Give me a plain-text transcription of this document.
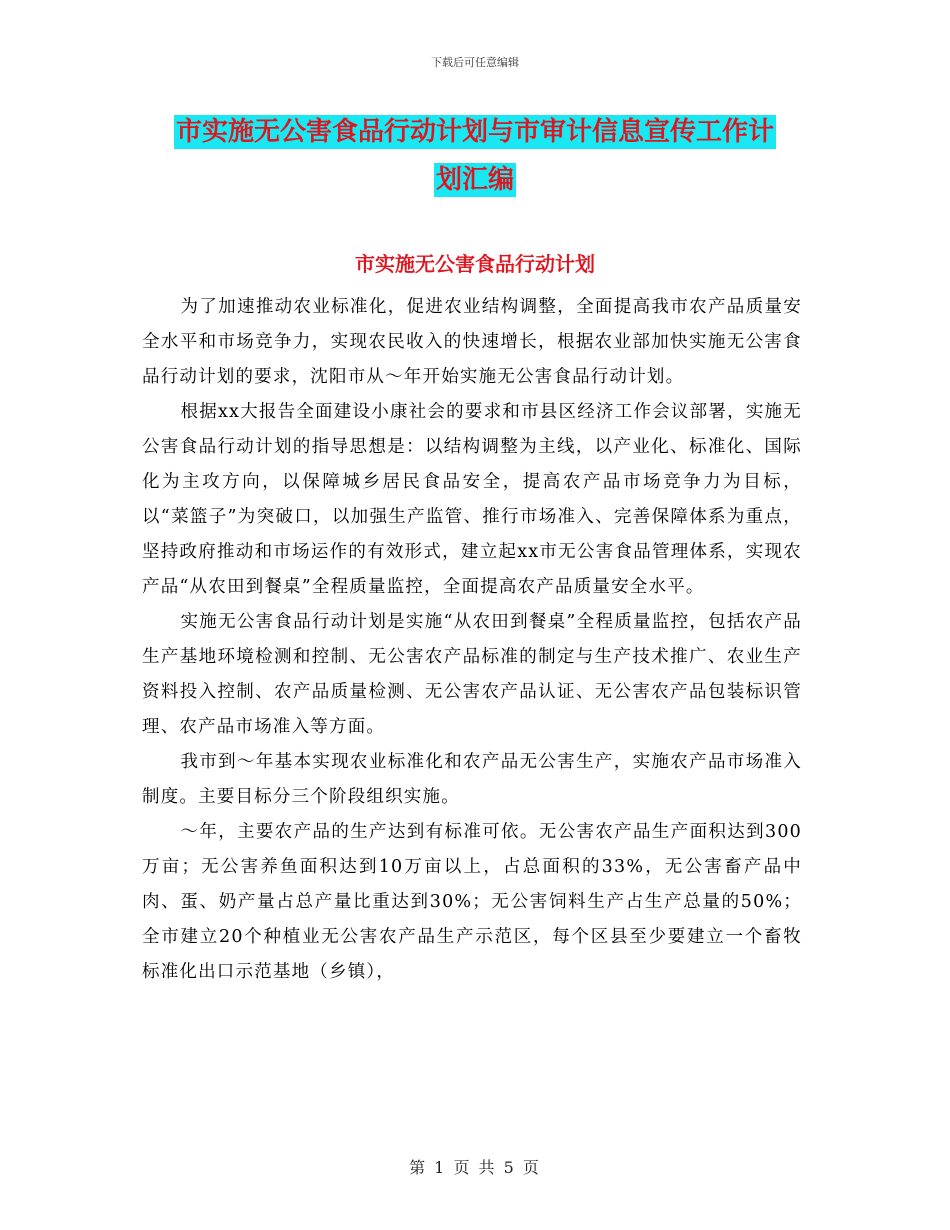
下载后可任意编辑
市实施无公害食品行动计划与市审计信息宣传工作计
划汇编
市实施无公害食品行动计划

为了加速推动农业标准化，促进农业结构调整，全面提高我市农产品质量安全水平和市场竞争力，实现农民收入的快速增长，根据农业部加快实施无公害食品行动计划的要求，沈阳市从～年开始实施无公害食品行动计划。

根据xx大报告全面建设小康社会的要求和市县区经济工作会议部署，实施无公害食品行动计划的指导思想是：以结构调整为主线，以产业化、标准化、国际化为主攻方向，以保障城乡居民食品安全，提高农产品市场竞争力为目标，以“菜篮子”为突破口，以加强生产监管、推行市场准入、完善保障体系为重点，坚持政府推动和市场运作的有效形式，建立起xx市无公害食品管理体系，实现农产品“从农田到餐桌”全程质量监控，全面提高农产品质量安全水平。

实施无公害食品行动计划是实施“从农田到餐桌”全程质量监控，包括农产品生产基地环境检测和控制、无公害农产品标准的制定与生产技术推广、农业生产资料投入控制、农产品质量检测、无公害农产品认证、无公害农产品包装标识管理、农产品市场准入等方面。

我市到～年基本实现农业标准化和农产品无公害生产，实施农产品市场准入制度。主要目标分三个阶段组织实施。

～年，主要农产品的生产达到有标准可依。无公害农产品生产面积达到300万亩；无公害养鱼面积达到10万亩以上，占总面积的33%，无公害畜产品中肉、蛋、奶产量占总产量比重达到30%；无公害饲料生产占生产总量的50%；全市建立20个种植业无公害农产品生产示范区，每个区县至少要建立一个畜牧标准化出口示范基地（乡镇），

第 1 页 共 5 页
